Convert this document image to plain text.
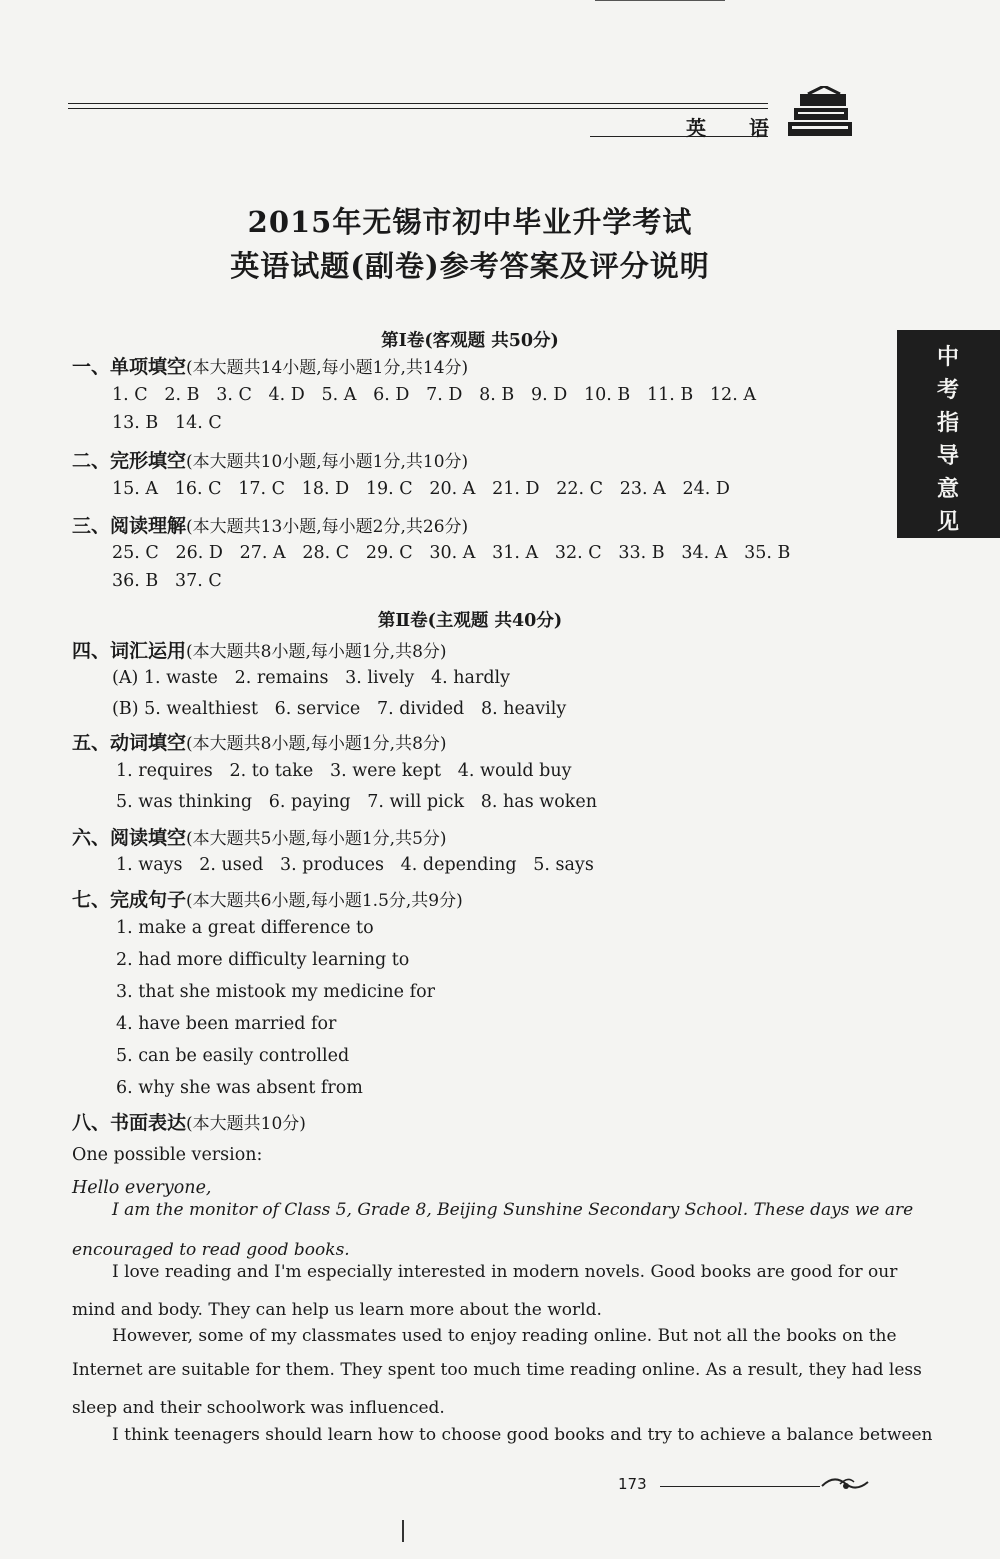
英 语
中
考
指
导
意
见
2015年无锡市初中毕业升学考试
英语试题(副卷)参考答案及评分说明
第Ⅰ卷(客观题 共50分)
一、单项填空(本大题共14小题,每小题1分,共14分)
1. C 2. B 3. C 4. D 5. A 6. D 7. D 8. B 9. D 10. B 11. B 12. A
13. B 14. C
二、完形填空(本大题共10小题,每小题1分,共10分)
15. A 16. C 17. C 18. D 19. C 20. A 21. D 22. C 23. A 24. D
三、阅读理解(本大题共13小题,每小题2分,共26分)
25. C 26. D 27. A 28. C 29. C 30. A 31. A 32. C 33. B 34. A 35. B
36. B 37. C
第Ⅱ卷(主观题 共40分)
四、词汇运用(本大题共8小题,每小题1分,共8分)
(A) 1. waste   2. remains   3. lively   4. hardly
(B) 5. wealthiest   6. service   7. divided   8. heavily
五、动词填空(本大题共8小题,每小题1分,共8分)
1. requires   2. to take   3. were kept   4. would buy
5. was thinking   6. paying   7. will pick   8. has woken
六、阅读填空(本大题共5小题,每小题1分,共5分)
1. ways   2. used   3. produces   4. depending   5. says
七、完成句子(本大题共6小题,每小题1.5分,共9分)
1. make a great difference to
2. had more difficulty learning to
3. that she mistook my medicine for
4. have been married for
5. can be easily controlled
6. why she was absent from
八、书面表达(本大题共10分)
One possible version:
Hello everyone,
I am the monitor of Class 5, Grade 8, Beijing Sunshine Secondary School. These days we are
encouraged to read good books.
I love reading and I'm especially interested in modern novels. Good books are good for our
mind and body. They can help us learn more about the world.
However, some of my classmates used to enjoy reading online. But not all the books on the
Internet are suitable for them. They spent too much time reading online. As a result, they had less
sleep and their schoolwork was influenced.
I think teenagers should learn how to choose good books and try to achieve a balance between
173
